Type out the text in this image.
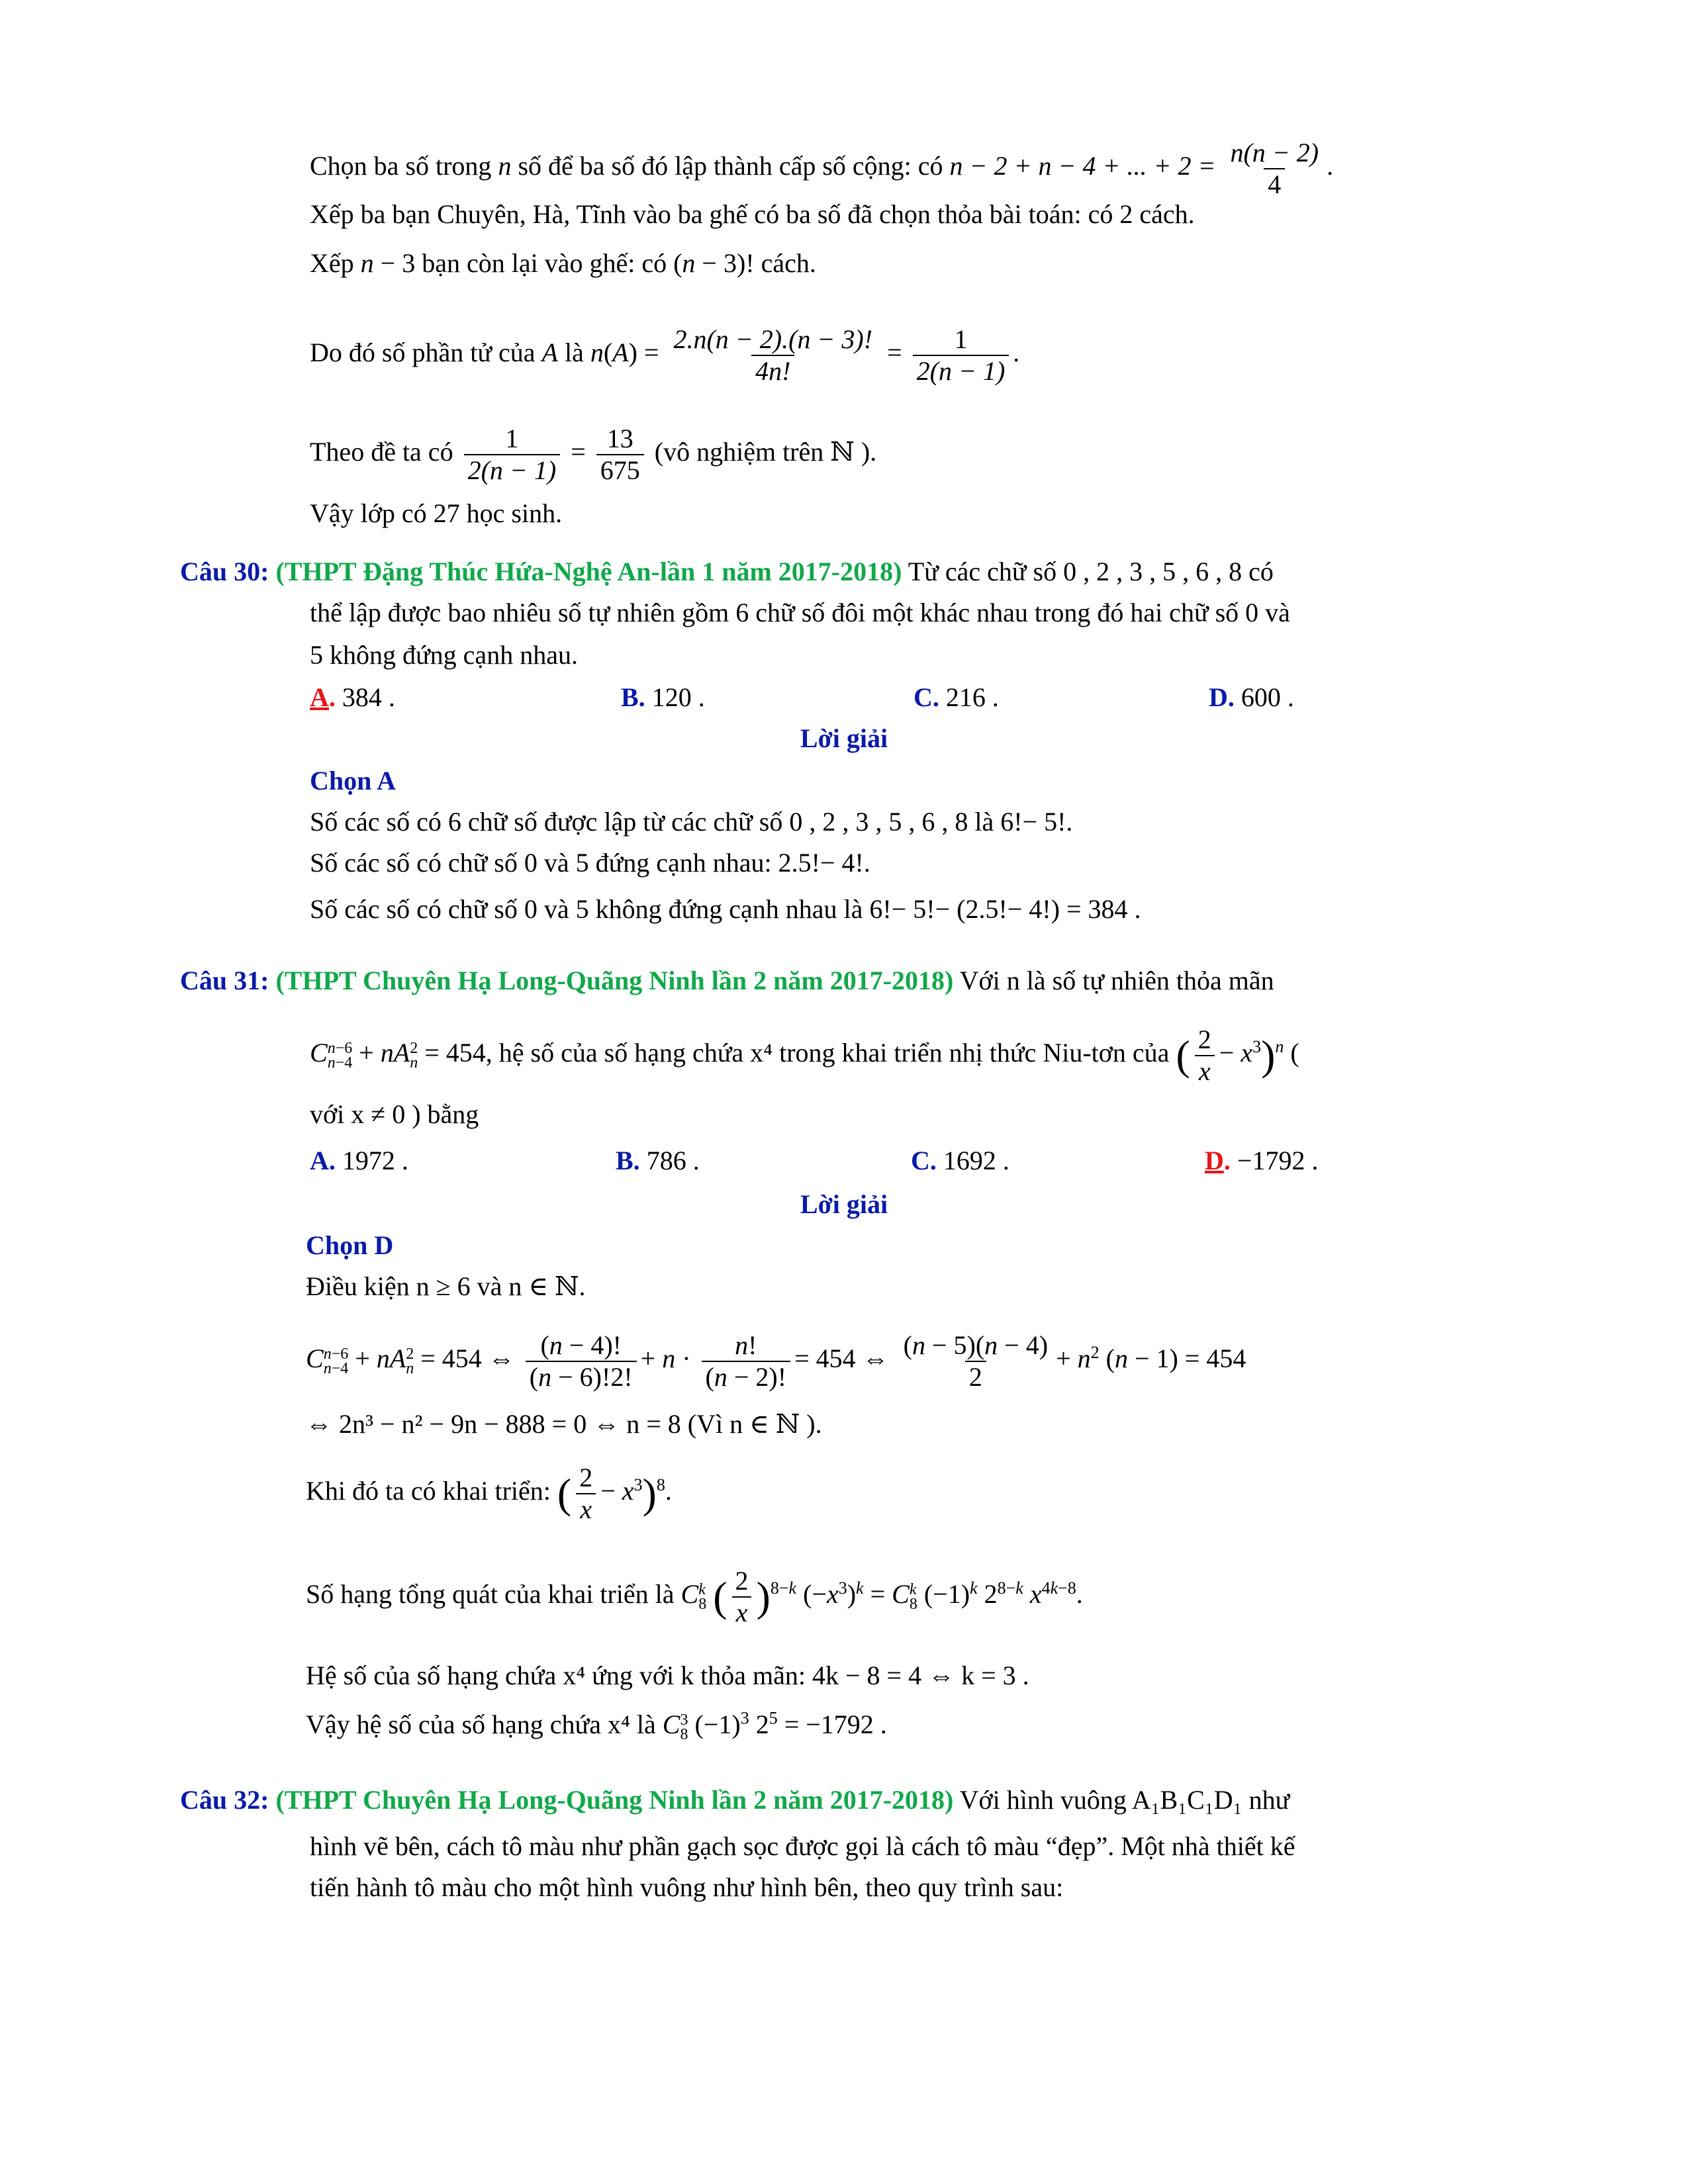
Chọn ba số trong n số để ba số đó lập thành cấp số cộng: có n − 2 + n − 4 + ... + $2 = \frac{n(n - 2)}{4}$ .
Xếp ba bạn Chuyên, Hà, Tĩnh vào ba ghế có ba số đã chọn thỏa bài toán: có 2 cách.
Xếp n − 3 bạn còn lại vào ghế: có (n − 3)! cách.
Do đó số phần tử của A là $n(A) = \frac{2.n(n - 2).(n - 3)!}{4n!} = \frac{1}{2(n - 1)}$ .
Theo đề ta có $\frac{1}{2(n - 1)} = \frac{13}{675}$ (vô nghiệm trên ℕ ).
Vậy lớp có 27 học sinh.
Câu 30: (THPT Đặng Thúc Hứa-Nghệ An-lần 1 năm 2017-2018) Từ các chữ số 0 , 2 , 3 , 5 , 6 , 8 có
thể lập được bao nhiêu số tự nhiên gồm 6 chữ số đôi một khác nhau trong đó hai chữ số 0 và
5 không đứng cạnh nhau.
A. 384 .	B. 120 .	C. 216 .	D. 600 .
Lời giải
Chọn A
Số các số có 6 chữ số được lập từ các chữ số 0 , 2 , 3 , 5 , 6 , 8 là 6!− 5!.
Số các số có chữ số 0 và 5 đứng cạnh nhau: 2.5!− 4!.
Số các số có chữ số 0 và 5 không đứng cạnh nhau là 6!− 5!− (2.5!− 4!) = 384 .
Câu 31: (THPT Chuyên Hạ Long-Quãng Ninh lần 2 năm 2017-2018) Với n là số tự nhiên thỏa mãn
Cn−6
n−4 + nA2
n = 454, hệ số của số hạng chứa x⁴ trong khai triển nhị thức Niu-tơn của ( $\frac{2}{x} - x^3)^n$ (
với x ≠ 0 ) bằng
A. 1972 .	B. 786 .	C. 1692 .	D. −1792 .
Lời giải
Chọn D
Điều kiện n ≥ 6 và n ∈ ℕ.
Cn−6
n−4 + nA2
n = 454 ⇔ $\frac{(n - 4)!}{(n - 6)!2!} + n \cdot \frac{n!}{(n - 2)!} = 454$ ⇔ $\frac{(n - 5)(n - 4)}{2} + n^2$ (n − 1) = 454
⇔ 2n³ − n² − 9n − 888 = 0 ⇔ n = 8 (Vì n ∈ ℕ ).
Khi đó ta có khai triển: ( $\frac{2}{x} - x^3)^8$.
Số hạng tổng quát của khai triển là Ck
8 ( $\frac{2}{x} )^{8-k}$ $(-x^3)^k = Ck$
8 $(-1)^k$ $2^{8-k}$ $x^{4k-8}$.
Hệ số của số hạng chứa x⁴ ứng với k thỏa mãn: 4k − 8 = 4 ⇔ k = 3 .
Vậy hệ số của số hạng chứa x⁴ là C3
8 $(-1)^3$ $2^5 = -1792$ .
Câu 32: (THPT Chuyên Hạ Long-Quãng Ninh lần 2 năm 2017-2018) Với hình vuông A₁B₁C₁D₁ như
hình vẽ bên, cách tô màu như phần gạch sọc được gọi là cách tô màu “đẹp”. Một nhà thiết kế
tiến hành tô màu cho một hình vuông như hình bên, theo quy trình sau:
